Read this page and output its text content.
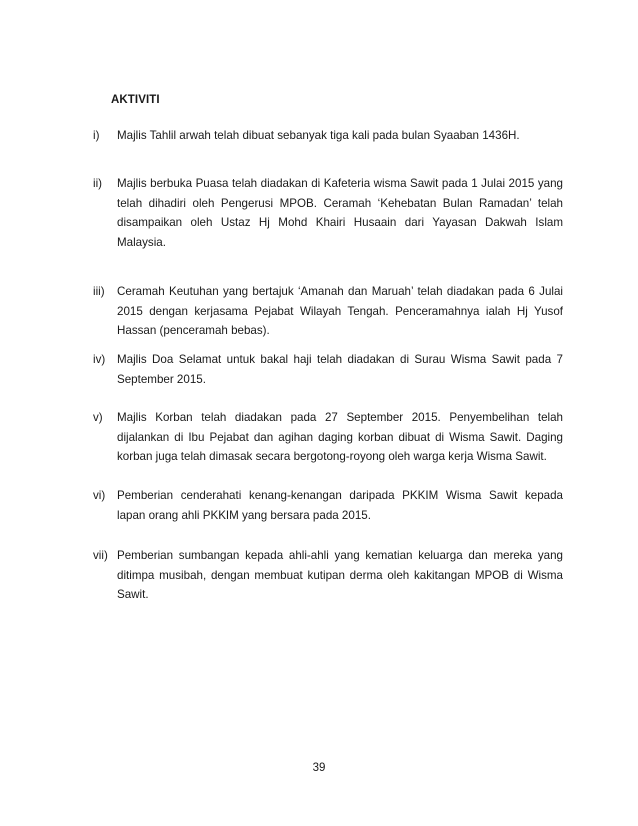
AKTIVITI
i)	Majlis Tahlil arwah telah dibuat sebanyak tiga kali pada bulan Syaaban 1436H.
ii)	Majlis berbuka Puasa telah diadakan di Kafeteria wisma Sawit pada 1 Julai 2015 yang telah dihadiri oleh Pengerusi MPOB. Ceramah ‘Kehebatan Bulan Ramadan’ telah disampaikan oleh Ustaz Hj Mohd Khairi Husaain dari Yayasan Dakwah Islam Malaysia.
iii)	Ceramah Keutuhan yang bertajuk ‘Amanah dan Maruah’ telah diadakan pada 6 Julai 2015 dengan kerjasama Pejabat Wilayah Tengah. Penceramahnya ialah Hj Yusof Hassan (penceramah bebas).
iv)	Majlis Doa Selamat untuk bakal haji telah diadakan di Surau Wisma Sawit pada 7 September 2015.
v)	Majlis Korban telah diadakan pada 27 September 2015. Penyembelihan telah dijalankan di Ibu Pejabat dan agihan daging korban dibuat di Wisma Sawit. Daging korban juga telah dimasak secara bergotong-royong oleh warga kerja Wisma Sawit.
vi)	Pemberian cenderahati kenang-kenangan daripada PKKIM Wisma Sawit kepada lapan orang ahli PKKIM yang bersara pada 2015.
vii) Pemberian sumbangan kepada ahli-ahli yang kematian keluarga dan mereka yang ditimpa musibah, dengan membuat kutipan derma oleh kakitangan MPOB di Wisma Sawit.
39
